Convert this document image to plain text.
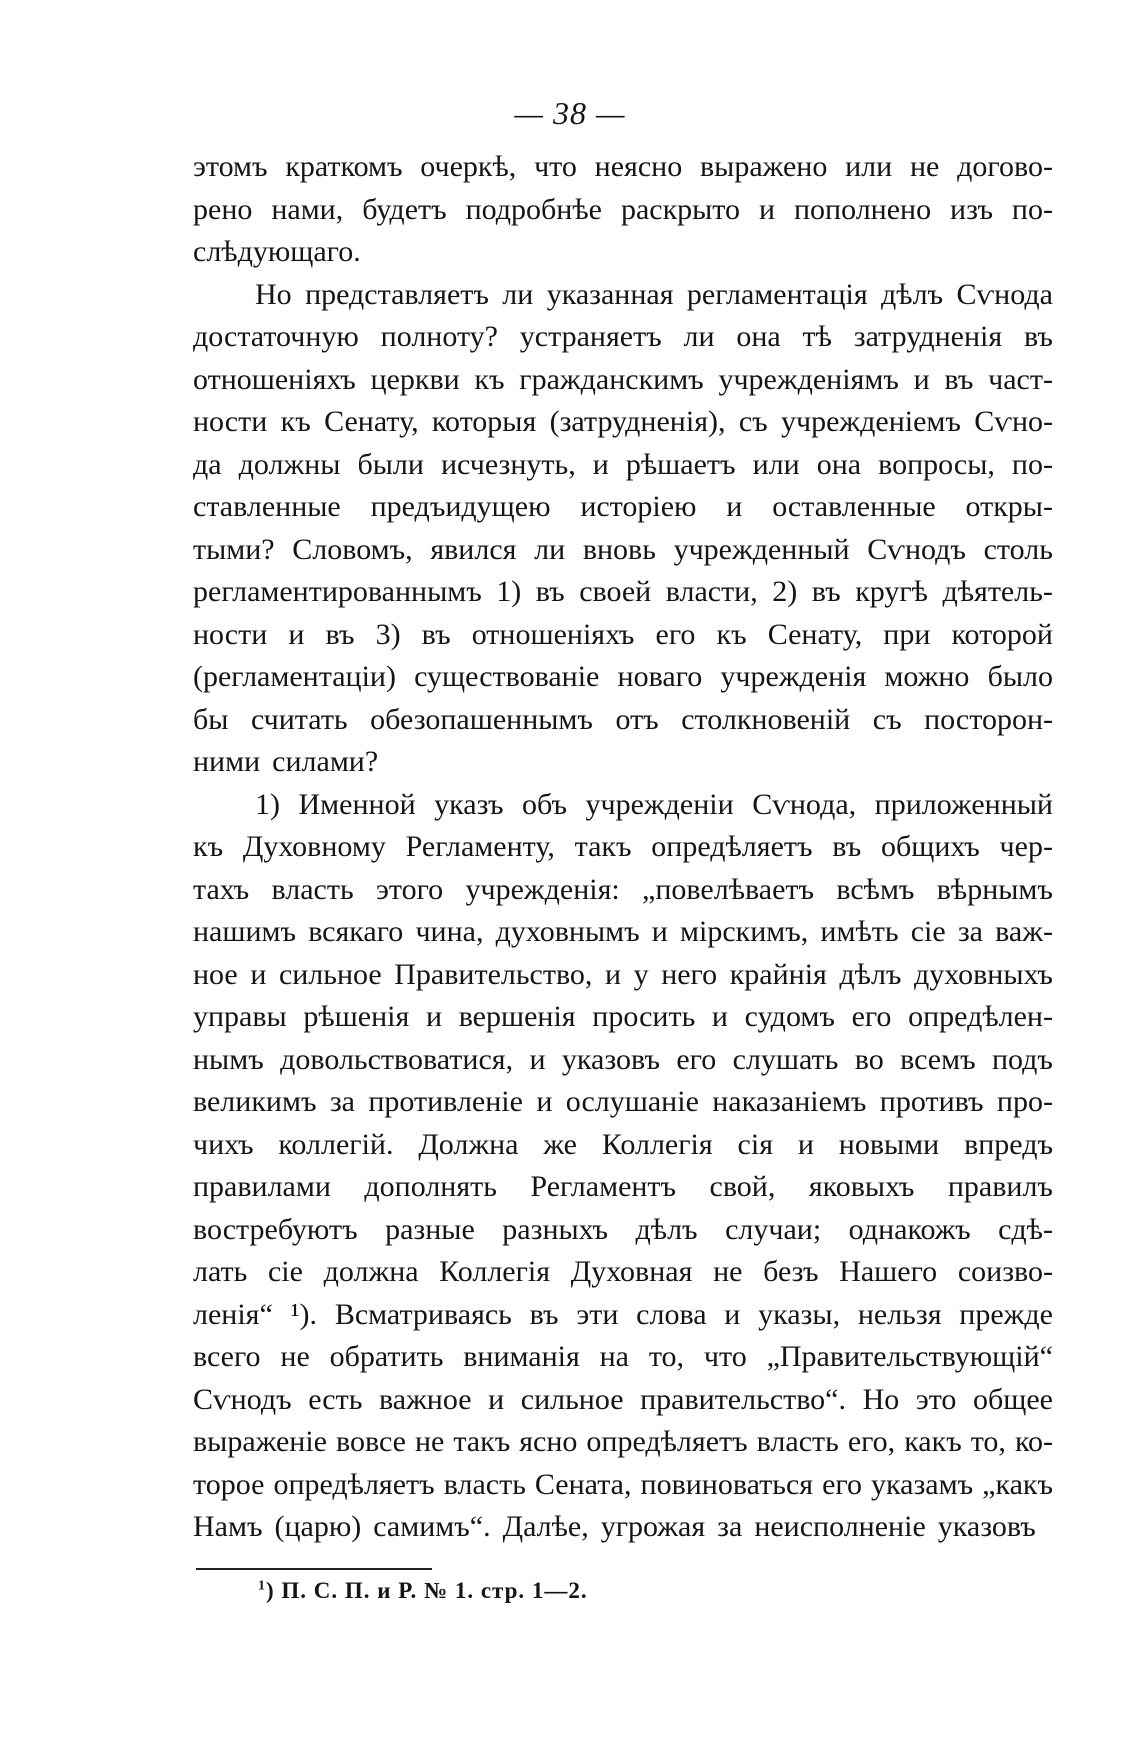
— 38 —
этомъ краткомъ очеркѣ, что неясно выражено или не догово-
рено нами, будетъ подробнѣе раскрыто и пополнено изъ по-
слѣдующаго.
Но представляетъ ли указанная регламентація дѣлъ Сѵнода
достаточную полноту? устраняетъ ли она тѣ затрудненія въ
отношеніяхъ церкви къ гражданскимъ учрежденіямъ и въ част-
ности къ Сенату, которыя (затрудненія), съ учрежденіемъ Сѵно-
да должны были исчезнуть, и рѣшаетъ или она вопросы, по-
ставленные предъидущею исторіею и оставленные откры-
тыми? Словомъ, явился ли вновь учрежденный Сѵнодъ столь
регламентированнымъ 1) въ своей власти, 2) въ кругѣ дѣятель-
ности и въ 3) въ отношеніяхъ его къ Сенату, при которой
(регламентаціи) существованіе новаго учрежденія можно было
бы считать обезопашеннымъ отъ столкновеній съ посторон-
ними силами?
1) Именной указъ объ учрежденіи Сѵнода, приложенный
къ Духовному Регламенту, такъ опредѣляетъ въ общихъ чер-
тахъ власть этого учрежденія: „повелѣваетъ всѣмъ вѣрнымъ
нашимъ всякаго чина, духовнымъ и мірскимъ, имѣть сіе за важ-
ное и сильное Правительство, и у него крайнія дѣлъ духовныхъ
управы рѣшенія и вершенія просить и судомъ его опредѣлен-
нымъ довольствоватися, и указовъ его слушать во всемъ подъ
великимъ за противленіе и ослушаніе наказаніемъ противъ про-
чихъ коллегій. Должна же Коллегія сія и новыми впредъ
правилами дополнять Регламентъ свой, яковыхъ правилъ
востребуютъ разные разныхъ дѣлъ случаи; однакожъ сдѣ-
лать сіе должна Коллегія Духовная не безъ Нашего соизво-
ленія“ ¹). Всматриваясь въ эти слова и указы, нельзя прежде
всего не обратить вниманія на то, что „Правительствующій“
Сѵнодъ есть важное и сильное правительство“. Но это общее
выраженіе вовсе не такъ ясно опредѣляетъ власть его, какъ то, ко-
торое опредѣляетъ власть Сената, повиноваться его указамъ „какъ
Намъ (царю) самимъ“. Далѣе, угрожая за неисполненіе указовъ
$^1$) П. С. П. и Р. № 1. стр. 1—2.
